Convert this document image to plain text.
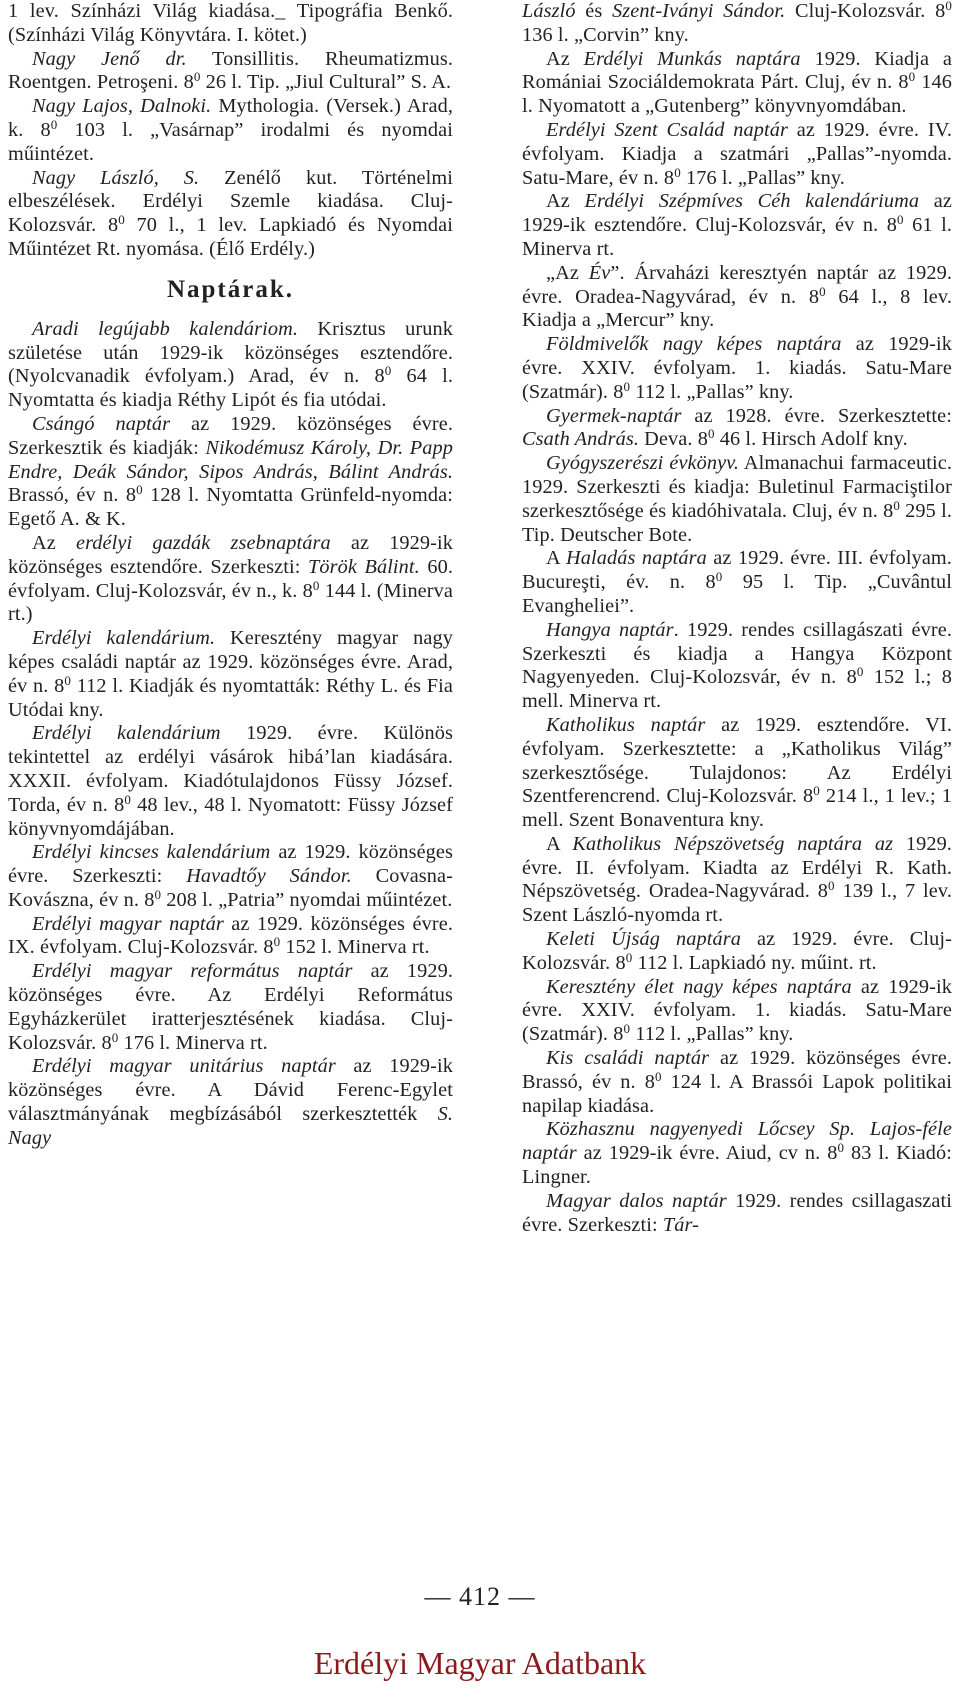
1 lev. Színházi Világ kiadása._ Tipográfia Benkő. (Színházi Világ Könyvtára. I. kötet.)

Nagy Jenő dr. Tonsillitis. Rheumatizmus. Roentgen. Petroşeni. $8^0$ 26 l. Tip. „Jiul Cultural” S. A.

Nagy Lajos, Dalnoki. Mythologia. (Versek.) Arad, k. $8^0$ 103 l. „Vasárnap” irodalmi és nyomdai műintézet.

Nagy László, S. Zenélő kut. Történelmi elbeszélések. Erdélyi Szemle kiadása. Cluj-Kolozsvár. $8^0$ 70 l., 1 lev. Lapkiadó és Nyomdai Műintézet Rt. nyomása. (Élő Erdély.)

Naptárak.

Aradi legújabb kalendáriom. Krisztus urunk születése után 1929-ik közönséges esztendőre. (Nyolcvanadik évfolyam.) Arad, év n. $8^0$ 64 l. Nyomtatta és kiadja Réthy Lipót és fia utódai.

Csángó naptár az 1929. közönséges évre. Szerkesztik és kiadják: Nikodémusz Károly, Dr. Papp Endre, Deák Sándor, Sipos András, Bálint András. Brassó, év n. $8^0$ 128 l. Nyomtatta Grünfeld-nyomda: Egető A. & K.

Az erdélyi gazdák zsebnaptára az 1929-ik közönséges esztendőre. Szerkeszti: Török Bálint. 60. évfolyam. Cluj-Kolozsvár, év n., k. $8^0$ 144 l. (Minerva rt.)

Erdélyi kalendárium. Keresztény magyar nagy képes családi naptár az 1929. közönséges évre. Arad, év n. $8^0$ 112 l. Kiadják és nyomtatták: Réthy L. és Fia Utódai kny.

Erdélyi kalendárium 1929. évre. Különös tekintettel az erdélyi vásárok hibá’lan kiadására. XXXII. évfolyam. Kiadótulajdonos Füssy József. Torda, év n. $8^0$ 48 lev., 48 l. Nyomatott: Füssy József könyvnyomdájában.

Erdélyi kincses kalendárium az 1929. közönséges évre. Szerkeszti: Havadtőy Sándor. Covasna-Kovászna, év n. $8^0$ 208 l. „Patria” nyomdai műintézet.

Erdélyi magyar naptár az 1929. közönséges évre. IX. évfolyam. Cluj-Kolozsvár. $8^0$ 152 l. Minerva rt.

Erdélyi magyar református naptár az 1929. közönséges évre. Az Erdélyi Református Egyházkerület iratterjesztésének kiadása. Cluj-Kolozsvár. $8^0$ 176 l. Minerva rt.

Erdélyi magyar unitárius naptár az 1929-ik közönséges évre. A Dávid Ferenc-Egylet választmányának megbízásából szerkesztették S. Nagy

László és Szent-Iványi Sándor. Cluj-Kolozsvár. $8^0$ 136 l. „Corvin” kny.

Az Erdélyi Munkás naptára 1929. Kiadja a Romániai Szociáldemokrata Párt. Cluj, év n. $8^0$ 146 l. Nyomatott a „Gutenberg” könyvnyomdában.

Erdélyi Szent Család naptár az 1929. évre. IV. évfolyam. Kiadja a szatmári „Pallas”-nyomda. Satu-Mare, év n. $8^0$ 176 l. „Pallas” kny.

Az Erdélyi Szépmíves Céh kalendáriuma az 1929-ik esztendőre. Cluj-Kolozsvár, év n. $8^0$ 61 l. Minerva rt.

„Az Év”. Árvaházi keresztyén naptár az 1929. évre. Oradea-Nagyvárad, év n. $8^0$ 64 l., 8 lev. Kiadja a „Mercur” kny.

Földmivelők nagy képes naptára az 1929-ik évre. XXIV. évfolyam. 1. kiadás. Satu-Mare (Szatmár). $8^0$ 112 l. „Pallas” kny.

Gyermek-naptár az 1928. évre. Szerkesztette: Csath András. Deva. $8^0$ 46 l. Hirsch Adolf kny.

Gyógyszerészi évkönyv. Almanachui farmaceutic. 1929. Szerkeszti és kiadja: Buletinul Farmaciştilor szerkesztősége és kiadóhivatala. Cluj, év n. $8^0$ 295 l. Tip. Deutscher Bote.

A Haladás naptára az 1929. évre. III. évfolyam. Bucureşti, év. n. $8^0$ 95 l. Tip. „Cuvântul Evangheliei”.

Hangya naptár. 1929. rendes csillagászati évre. Szerkeszti és kiadja a Hangya Központ Nagyenyeden. Cluj-Kolozsvár, év n. $8^0$ 152 l.; 8 mell. Minerva rt.

Katholikus naptár az 1929. esztendőre. VI. évfolyam. Szerkesztette: a „Katholikus Világ” szerkesztősége. Tulajdonos: Az Erdélyi Szentferencrend. Cluj-Kolozsvár. $8^0$ 214 l., 1 lev.; 1 mell. Szent Bonaventura kny.

A Katholikus Népszövetség naptára az 1929. évre. II. évfolyam. Kiadta az Erdélyi R. Kath. Népszövetség. Oradea-Nagyvárad. $8^0$ 139 l., 7 lev. Szent László-nyomda rt.

Keleti Újság naptára az 1929. évre. Cluj-Kolozsvár. $8^0$ 112 l. Lapkiadó ny. műint. rt.

Keresztény élet nagy képes naptára az 1929-ik évre. XXIV. évfolyam. 1. kiadás. Satu-Mare (Szatmár). $8^0$ 112 l. „Pallas” kny.

Kis családi naptár az 1929. közönséges évre. Brassó, év n. $8^0$ 124 l. A Brassói Lapok politikai napilap kiadása.

Közhasznu nagyenyedi Lőcsey Sp. Lajos-féle naptár az 1929-ik évre. Aiud, cv n. $8^0$ 83 l. Kiadó: Lingner.

Magyar dalos naptár 1929. rendes csillagaszati évre. Szerkeszti: Tár-

— 412 —
Erdélyi Magyar Adatbank
